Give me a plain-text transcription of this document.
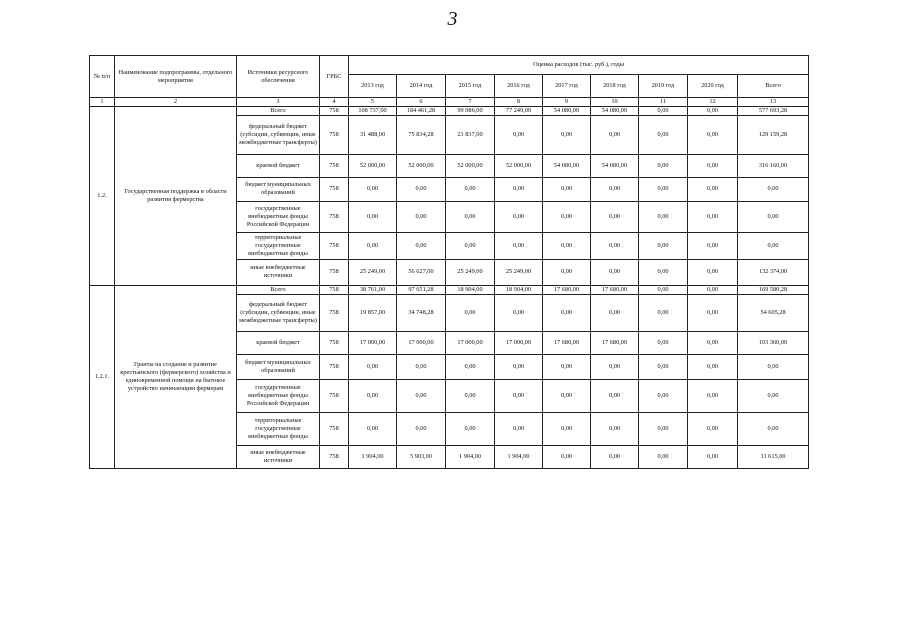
3
№ п/п	Наименование подпрограммы, отдельного мероприятия	Источники ресурсного обеспечения	ГРБС	Оценка расходов (тыс. руб.), годы								
				2013 год	2014 год	2015 год	2016 год	2017 год	2018 год	2019 год	2020 год	Всего
1	2	3	4	5	6	7	8	9	10	11	12	13
1.2.	Государственная поддержка в области развития фермерства	Всего	758	108 737,00	184 461,28	99 086,00	77 249,00	54 080,00	54 080,00	0,00	0,00	577 693,28
		федеральный бюджет (субсидии, субвенции, иные межбюджетные трансферты)	758	31 488,00	75 834,28	21 837,00	0,00	0,00	0,00	0,00	0,00	129 159,28
		краевой бюджет	758	52 000,00	52 000,00	52 000,00	52 000,00	54 080,00	54 080,00	0,00	0,00	316 160,00
		бюджет муниципальных образований	758	0,00	0,00	0,00	0,00	0,00	0,00	0,00	0,00	0,00
		государственные внебюджетные фонды Российской Федерации	758	0,00	0,00	0,00	0,00	0,00	0,00	0,00	0,00	0,00
		территориальные государственные внебюджетные фонды	758	0,00	0,00	0,00	0,00	0,00	0,00	0,00	0,00	0,00
		иные внебюджетные источники	758	25 249,00	56 627,00	25 249,00	25 249,00	0,00	0,00	0,00	0,00	132 374,00
1.2.1.	Гранты на создание и развитие крестьянского (фермерского) хозяйства и единовременной помощи на бытовое устройство начинающим фермерам	Всего	758	38 761,00	97 651,28	18 904,00	18 904,00	17 680,00	17 680,00	0,00	0,00	169 580,28
		федеральный бюджет (субсидии, субвенции, иные межбюджетные трансферты)	758	19 857,00	34 748,28	0,00	0,00	0,00	0,00	0,00	0,00	54 605,28
		краевой бюджет	758	17 000,00	17 000,00	17 000,00	17 000,00	17 680,00	17 680,00	0,00	0,00	103 360,00
		бюджет муниципальных образований	758	0,00	0,00	0,00	0,00	0,00	0,00	0,00	0,00	0,00
		государственные внебюджетные фонды Российской Федерации	758	0,00	0,00	0,00	0,00	0,00	0,00	0,00	0,00	0,00
		территориальные государственные внебюджетные фонды	758	0,00	0,00	0,00	0,00	0,00	0,00	0,00	0,00	0,00
		иные внебюджетные источники	758	1 904,00	5 903,00	1 904,00	1 904,00	0,00	0,00	0,00	0,00	11 615,00
